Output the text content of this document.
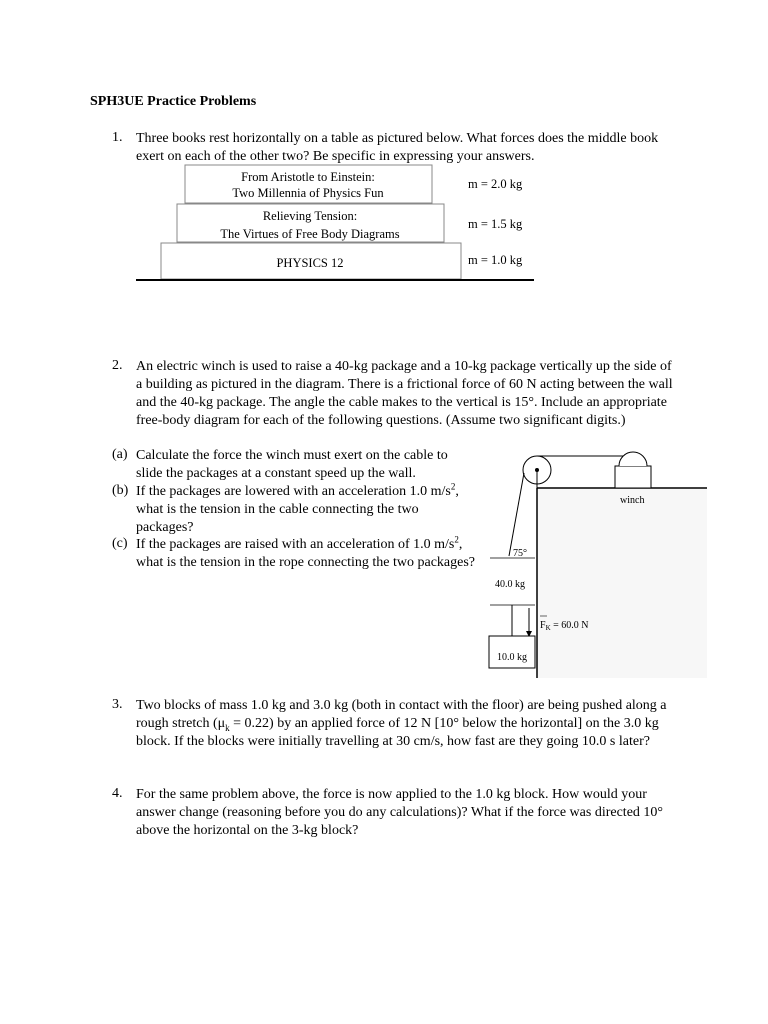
SPH3UE Practice Problems
1. Three books rest horizontally on a table as pictured below. What forces does the middle book exert on each of the other two? Be specific in expressing your answers.
From Aristotle to Einstein:
Two Millennia of Physics Fun
m = 2.0 kg
Relieving Tension:
The Virtues of Free Body Diagrams
m = 1.5 kg
PHYSICS 12	m = 1.0 kg
2. An electric winch is used to raise a 40-kg package and a 10-kg package vertically up the side of a building as pictured in the diagram. There is a frictional force of 60 N acting between the wall and the 40-kg package. The angle the cable makes to the vertical is 15°. Include an appropriate free-body diagram for each of the following questions. (Assume two significant digits.)
(a) Calculate the force the winch must exert on the cable to slide the packages at a constant speed up the wall.
(b) If the packages are lowered with an acceleration 1.0 $m/s^2$, what is the tension in the cable connecting the two packages?
(c) If the packages are raised with an acceleration of 1.0 $m/s^2$, what is the tension in the rope connecting the two packages?
winch
75°
40.0 kg
$F_K = 60.0$ N
10.0 kg
3. Two blocks of mass 1.0 kg and 3.0 kg (both in contact with the floor) are being pushed along a rough stretch $(\mu_k = 0.22)$ by an applied force of 12 N [10° below the horizontal] on the 3.0 kg block. If the blocks were initially travelling at 30 cm/s, how fast are they going 10.0 s later?
4. For the same problem above, the force is now applied to the 1.0 kg block. How would your answer change (reasoning before you do any calculations)? What if the force was directed 10° above the horizontal on the 3-kg block?
